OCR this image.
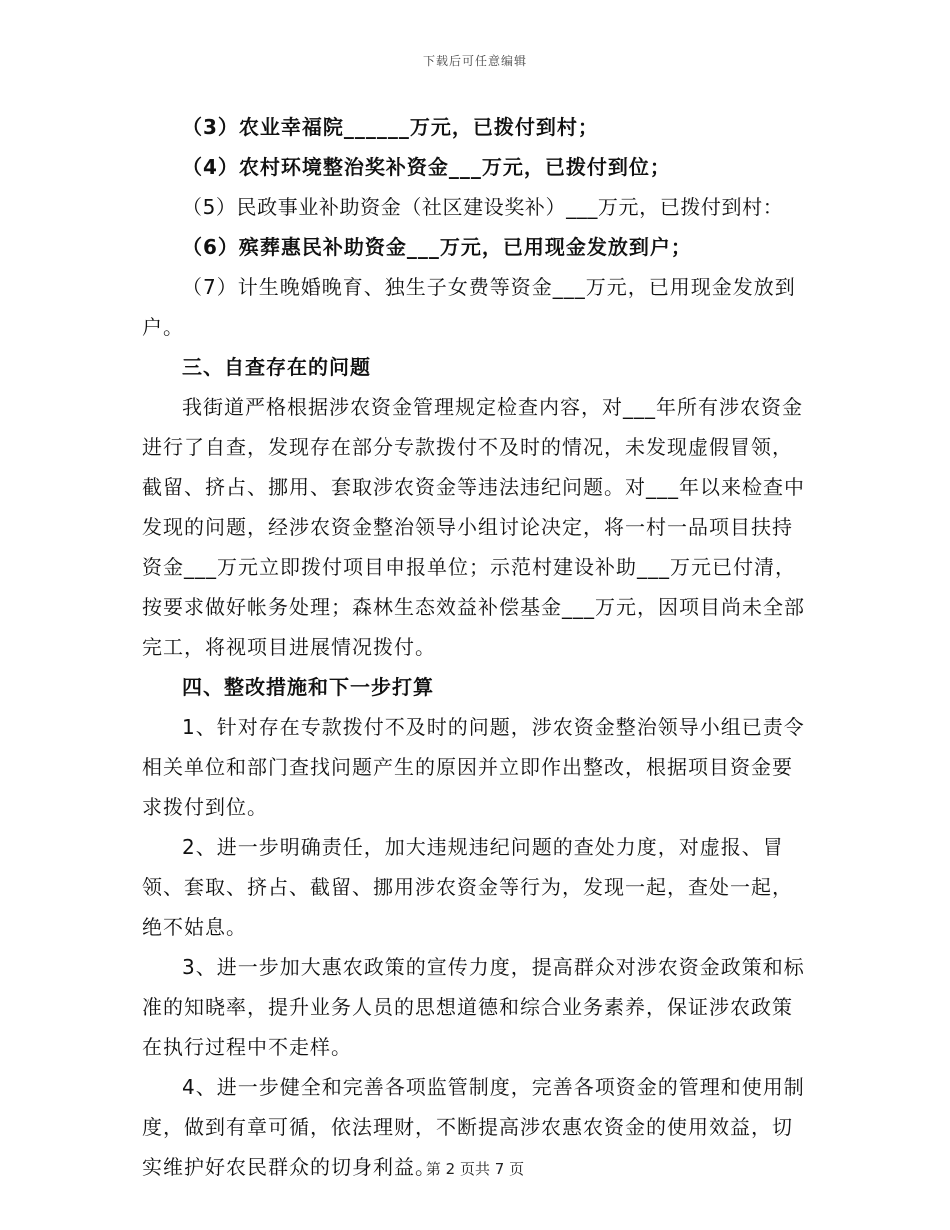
下载后可任意编辑

（3）农业幸福院______万元，已拨付到村；

（4）农村环境整治奖补资金___万元，已拨付到位；

（5）民政事业补助资金（社区建设奖补）___万元，已拨付到村：

（6）殡葬惠民补助资金___万元，已用现金发放到户；

（7）计生晚婚晚育、独生子女费等资金___万元，已用现金发放到户。

三、自查存在的问题

我街道严格根据涉农资金管理规定检查内容，对___年所有涉农资金进行了自查，发现存在部分专款拨付不及时的情况，未发现虚假冒领，截留、挤占、挪用、套取涉农资金等违法违纪问题。对___年以来检查中发现的问题，经涉农资金整治领导小组讨论决定，将一村一品项目扶持资金___万元立即拨付项目申报单位；示范村建设补助___万元已付清，按要求做好帐务处理；森林生态效益补偿基金___万元，因项目尚未全部完工，将视项目进展情况拨付。

四、整改措施和下一步打算

1、针对存在专款拨付不及时的问题，涉农资金整治领导小组已责令相关单位和部门查找问题产生的原因并立即作出整改，根据项目资金要求拨付到位。

2、进一步明确责任，加大违规违纪问题的查处力度，对虚报、冒领、套取、挤占、截留、挪用涉农资金等行为，发现一起，查处一起，绝不姑息。

3、进一步加大惠农政策的宣传力度，提高群众对涉农资金政策和标准的知晓率，提升业务人员的思想道德和综合业务素养，保证涉农政策在执行过程中不走样。

4、进一步健全和完善各项监管制度，完善各项资金的管理和使用制度，做到有章可循，依法理财，不断提高涉农惠农资金的使用效益，切实维护好农民群众的切身利益。

第 2 页共 7 页
